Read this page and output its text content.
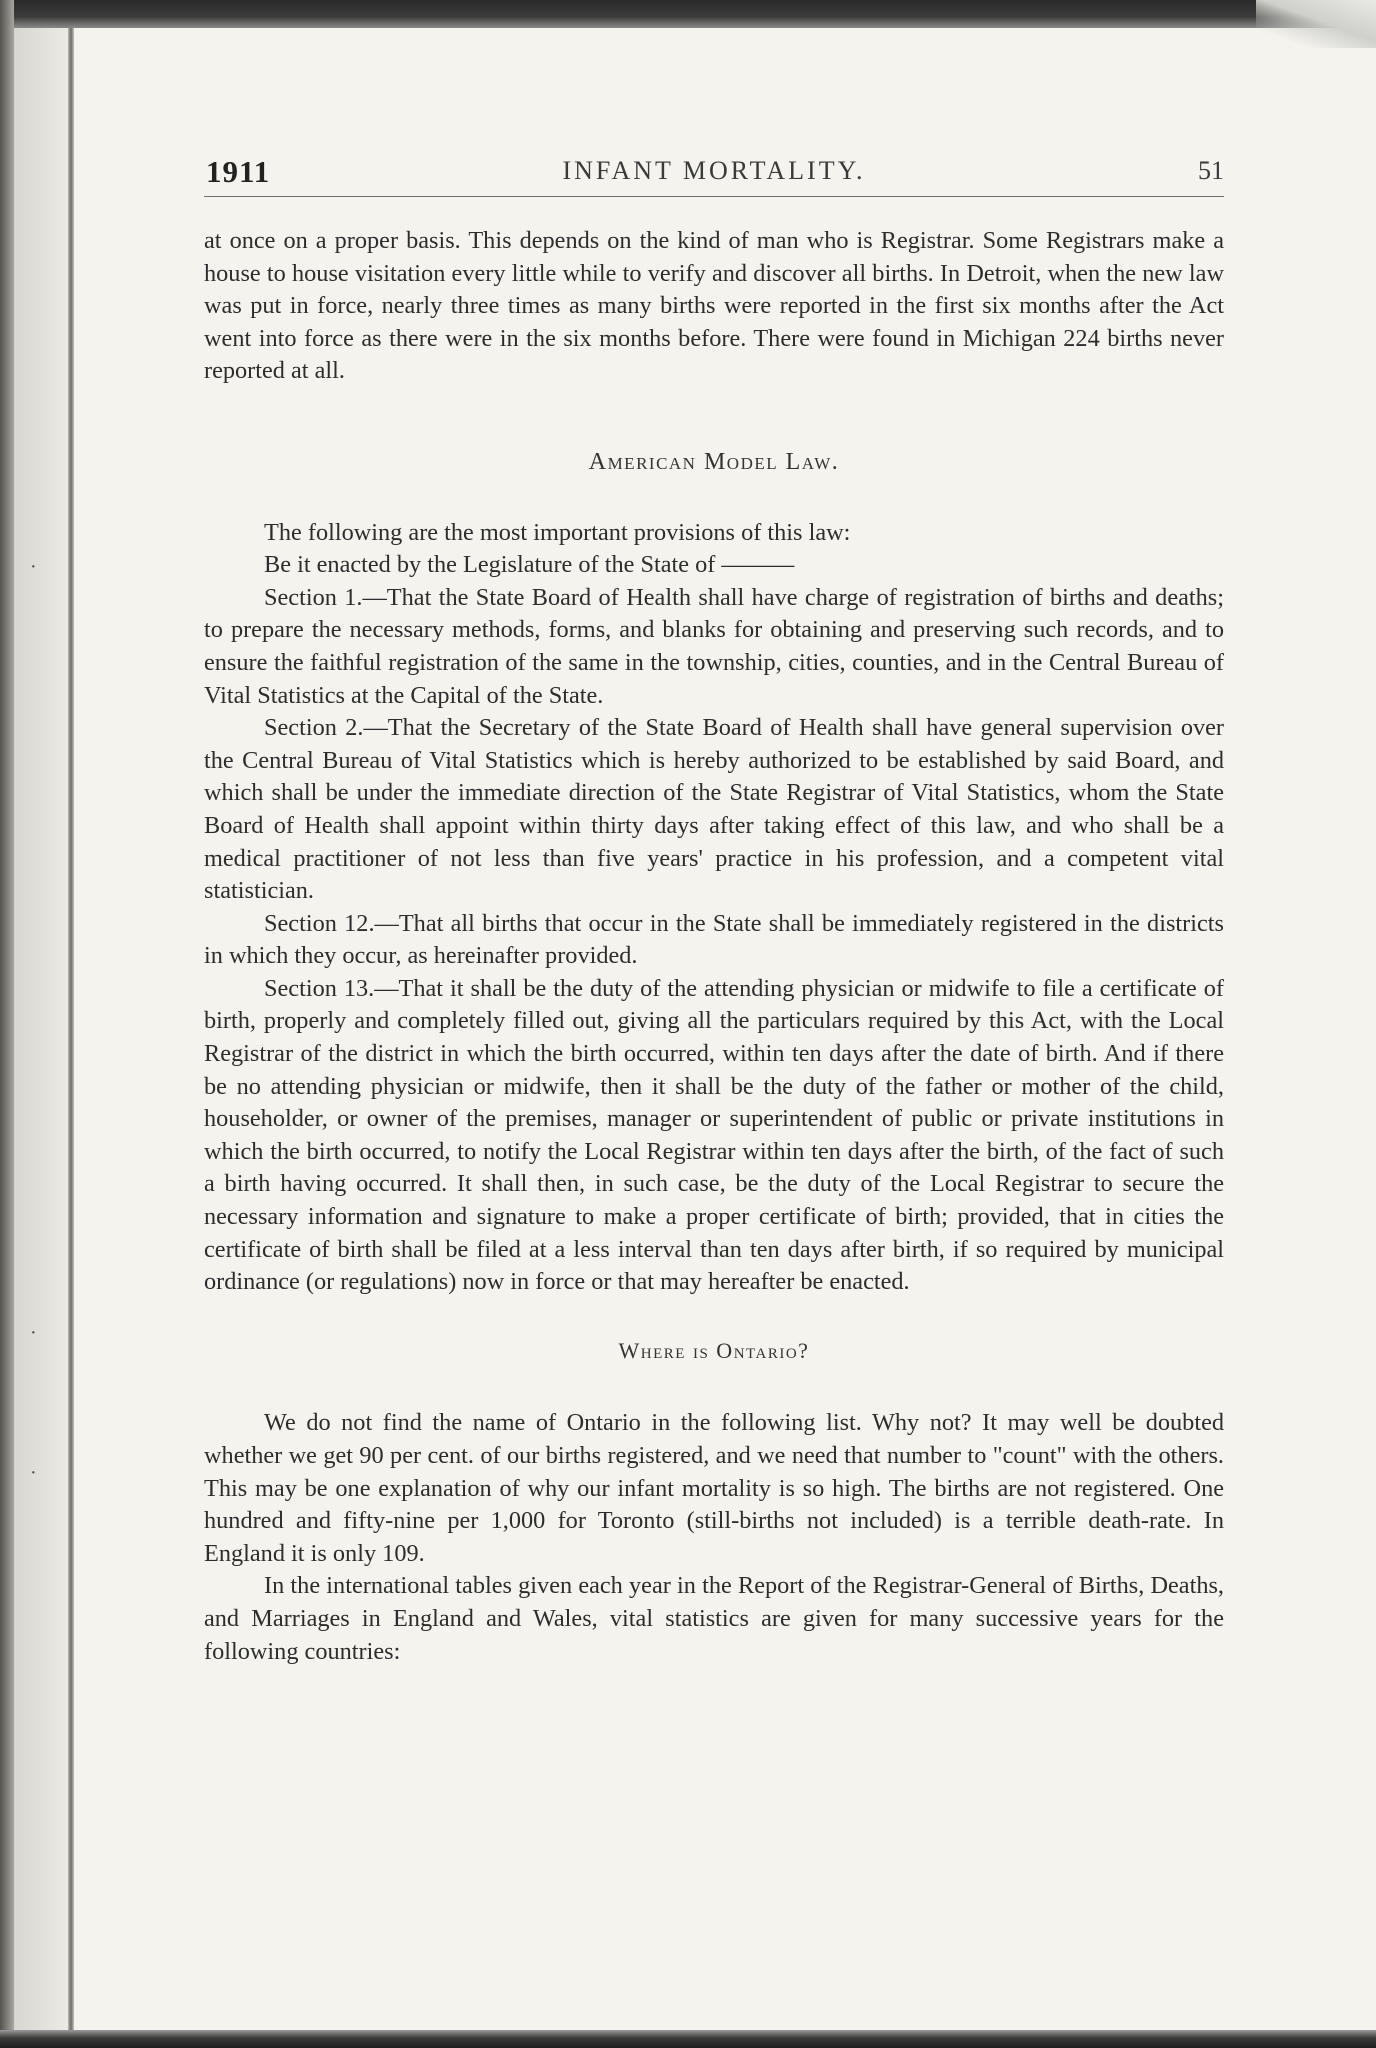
·
·
·
1911	INFANT MORTALITY.	51

at once on a proper basis. This depends on the kind of man who is Registrar. Some Registrars make a house to house visitation every little while to verify and discover all births. In Detroit, when the new law was put in force, nearly three times as many births were reported in the first six months after the Act went into force as there were in the six months before. There were found in Michigan 224 births never reported at all.

American Model Law.

The following are the most important provisions of this law:

Be it enacted by the Legislature of the State of ———

Section 1.—That the State Board of Health shall have charge of registration of births and deaths; to prepare the necessary methods, forms, and blanks for obtaining and preserving such records, and to ensure the faithful registration of the same in the township, cities, counties, and in the Central Bureau of Vital Statistics at the Capital of the State.

Section 2.—That the Secretary of the State Board of Health shall have general supervision over the Central Bureau of Vital Statistics which is hereby authorized to be established by said Board, and which shall be under the immediate direction of the State Registrar of Vital Statistics, whom the State Board of Health shall appoint within thirty days after taking effect of this law, and who shall be a medical practitioner of not less than five years' practice in his profession, and a competent vital statistician.

Section 12.—That all births that occur in the State shall be immediately registered in the districts in which they occur, as hereinafter provided.

Section 13.—That it shall be the duty of the attending physician or midwife to file a certificate of birth, properly and completely filled out, giving all the particulars required by this Act, with the Local Registrar of the district in which the birth occurred, within ten days after the date of birth. And if there be no attending physician or midwife, then it shall be the duty of the father or mother of the child, householder, or owner of the premises, manager or superintendent of public or private institutions in which the birth occurred, to notify the Local Registrar within ten days after the birth, of the fact of such a birth having occurred. It shall then, in such case, be the duty of the Local Registrar to secure the necessary information and signature to make a proper certificate of birth; provided, that in cities the certificate of birth shall be filed at a less interval than ten days after birth, if so required by municipal ordinance (or regulations) now in force or that may hereafter be enacted.

Where is Ontario?

We do not find the name of Ontario in the following list. Why not? It may well be doubted whether we get 90 per cent. of our births registered, and we need that number to "count" with the others. This may be one explanation of why our infant mortality is so high. The births are not registered. One hundred and fifty-nine per 1,000 for Toronto (still-births not included) is a terrible death-rate. In England it is only 109.

In the international tables given each year in the Report of the Registrar-General of Births, Deaths, and Marriages in England and Wales, vital statistics are given for many successive years for the following countries:
